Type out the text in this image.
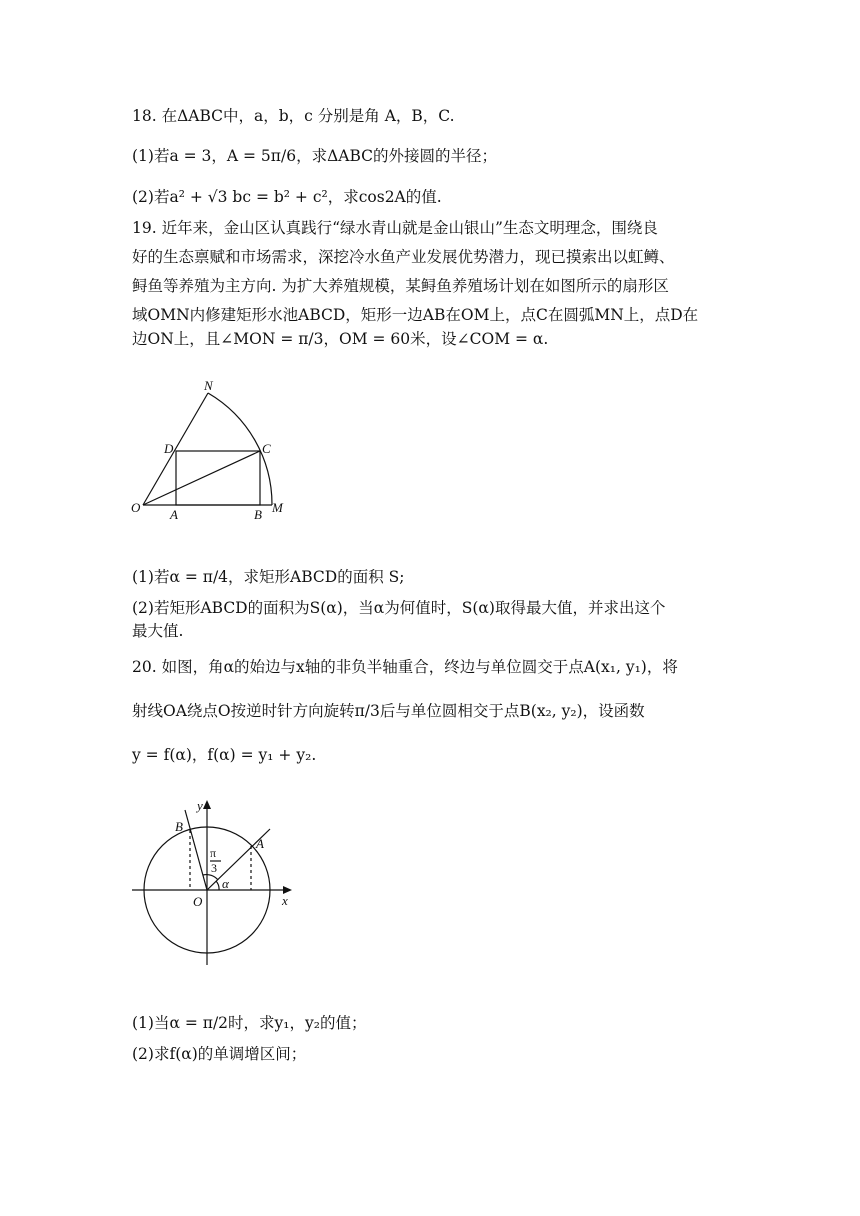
18. 在ΔABC中，a，b，c 分别是角 A，B，C.
(1)若a = 3，A = 5π/6，求ΔABC的外接圆的半径；
(2)若a² + √3 bc = b² + c²，求cos2A的值.
19. 近年来，金山区认真践行“绿水青山就是金山银山”生态文明理念，围绕良
好的生态禀赋和市场需求，深挖冷水鱼产业发展优势潜力，现已摸索出以虹鳟、
鲟鱼等养殖为主方向. 为扩大养殖规模，某鲟鱼养殖场计划在如图所示的扇形区
域OMN内修建矩形水池ABCD，矩形一边AB在OM上，点C在圆弧MN上，点D在
边ON上，且∠MON = π/3，OM = 60米，设∠COM = α.
N
D	C
O A	B M
(1)若α = π/4，求矩形ABCD的面积 S;
(2)若矩形ABCD的面积为S(α)，当α为何值时，S(α)取得最大值，并求出这个
最大值.
20. 如图，角α的始边与x轴的非负半轴重合，终边与单位圆交于点A(x₁, y₁)，将
射线OA绕点O按逆时针方向旋转π/3后与单位圆相交于点B(x₂, y₂)，设函数
y = f(α)，f(α) = y₁ + y₂.
y
x
O
A
B
π
3
α
(1)当α = π/2时，求y₁，y₂的值；
(2)求f(α)的单调增区间；
